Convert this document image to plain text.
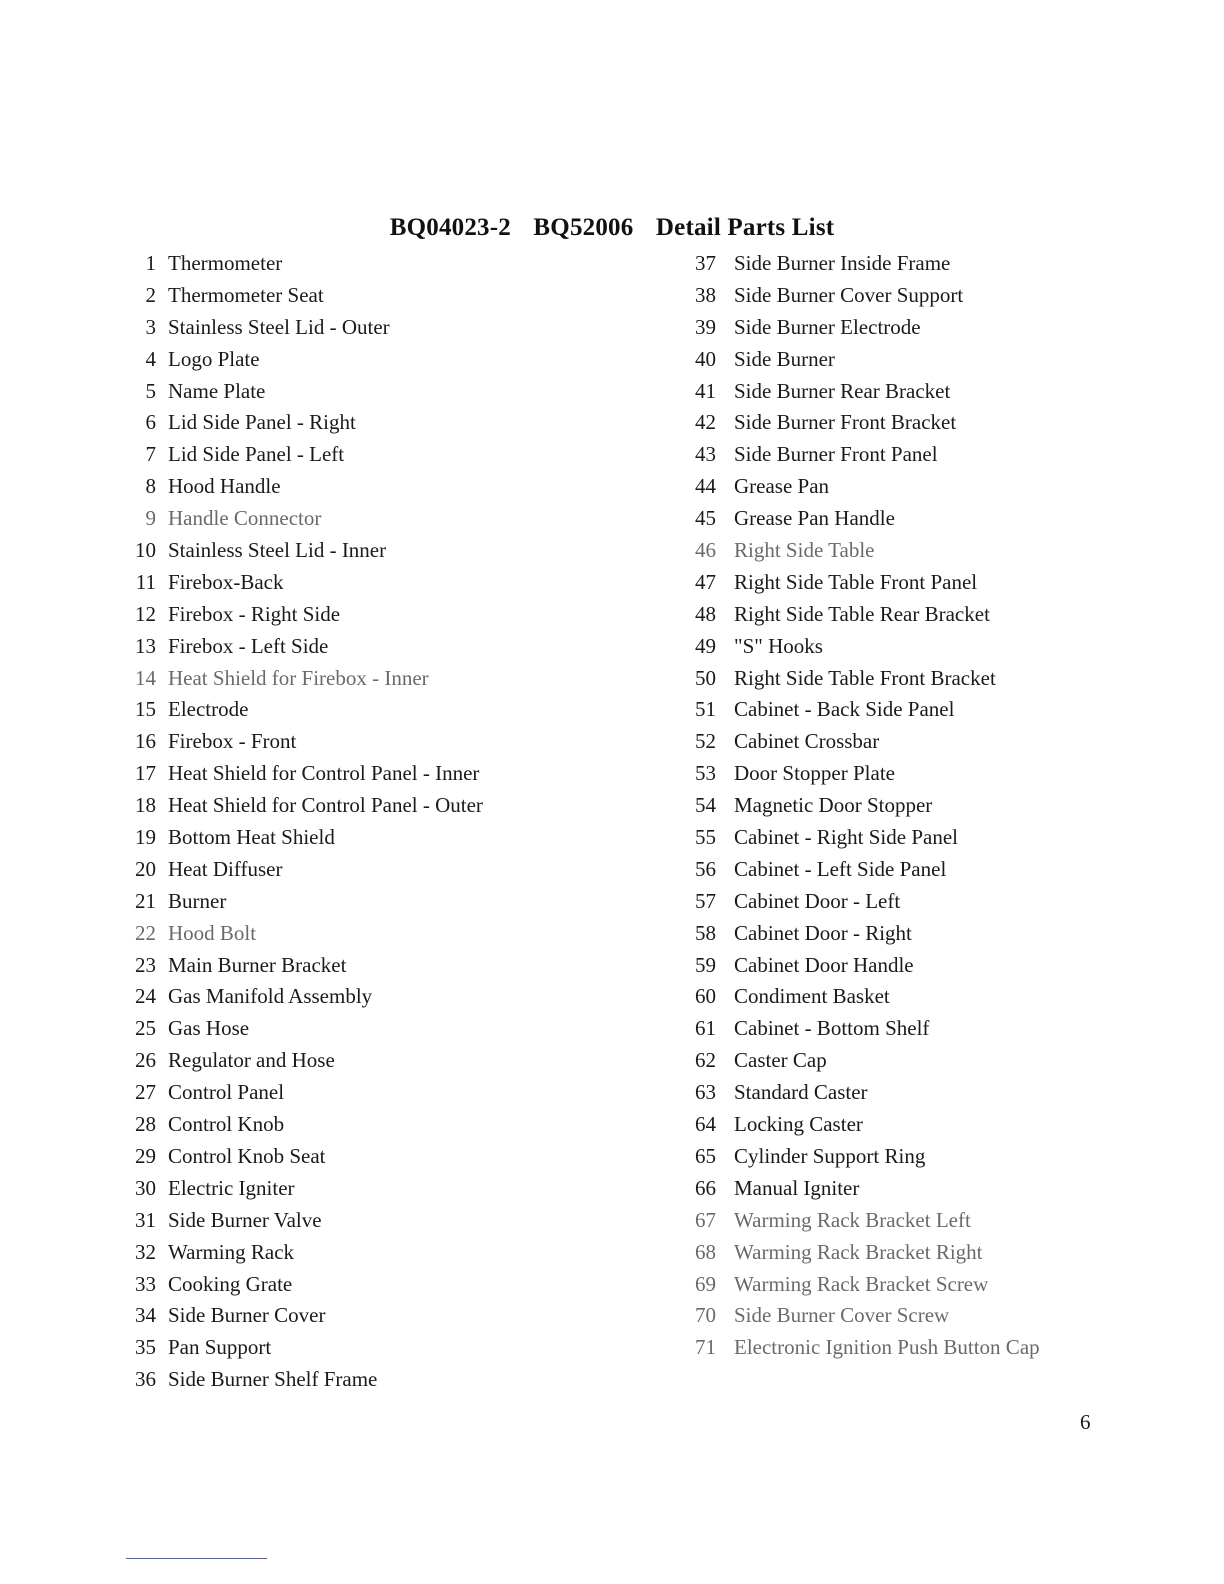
BQ04023-2 BQ52006 Detail Parts List
1 Thermometer
2 Thermometer Seat
3 Stainless Steel Lid - Outer
4 Logo Plate
5 Name Plate
6 Lid Side Panel - Right
7 Lid Side Panel - Left
8 Hood Handle
9 Handle Connector
10 Stainless Steel Lid - Inner
11 Firebox-Back
12 Firebox - Right Side
13 Firebox - Left Side
14 Heat Shield for Firebox - Inner
15 Electrode
16 Firebox - Front
17 Heat Shield for Control Panel - Inner
18 Heat Shield for Control Panel - Outer
19 Bottom Heat Shield
20 Heat Diffuser
21 Burner
22 Hood Bolt
23 Main Burner Bracket
24 Gas Manifold Assembly
25 Gas Hose
26 Regulator and Hose
27 Control Panel
28 Control Knob
29 Control Knob Seat
30 Electric Igniter
31 Side Burner Valve
32 Warming Rack
33 Cooking Grate
34 Side Burner Cover
35 Pan Support
36 Side Burner Shelf Frame
37 Side Burner Inside Frame
38 Side Burner Cover Support
39 Side Burner Electrode
40 Side Burner
41 Side Burner Rear Bracket
42 Side Burner Front Bracket
43 Side Burner Front Panel
44 Grease Pan
45 Grease Pan Handle
46 Right Side Table
47 Right Side Table Front Panel
48 Right Side Table Rear Bracket
49 "S" Hooks
50 Right Side Table Front Bracket
51 Cabinet - Back Side Panel
52 Cabinet Crossbar
53 Door Stopper Plate
54 Magnetic Door Stopper
55 Cabinet - Right Side Panel
56 Cabinet - Left Side Panel
57 Cabinet Door - Left
58 Cabinet Door - Right
59 Cabinet Door Handle
60 Condiment Basket
61 Cabinet - Bottom Shelf
62 Caster Cap
63 Standard Caster
64 Locking Caster
65 Cylinder Support Ring
66 Manual Igniter
67 Warming Rack Bracket Left
68 Warming Rack Bracket Right
69 Warming Rack Bracket Screw
70 Side Burner Cover Screw
71 Electronic Ignition Push Button Cap
6
